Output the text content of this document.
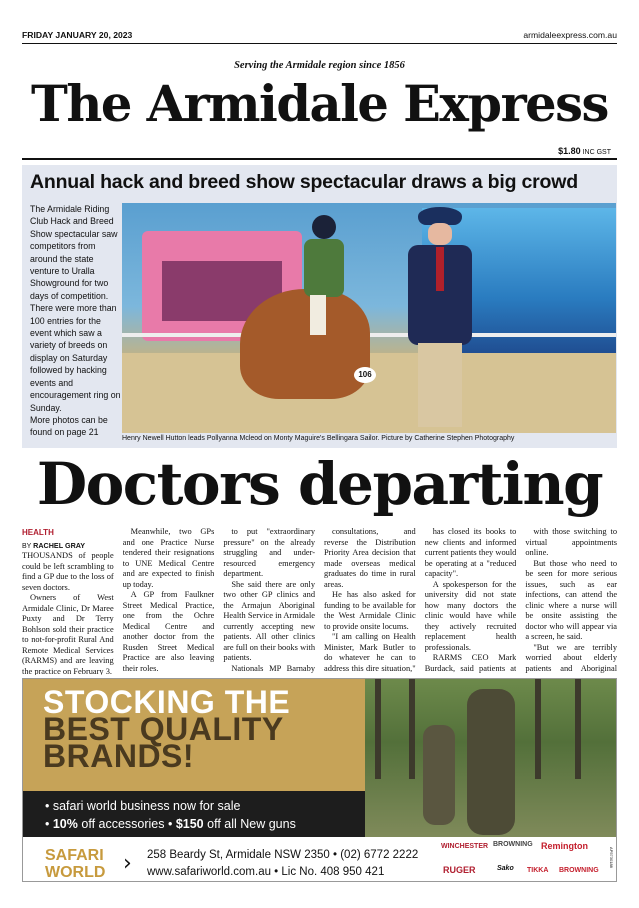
FRIDAY JANUARY 20, 2023	armidaleexpress.com.au
Serving the Armidale region since 1856
The Armidale Express
$1.80 INC GST
Annual hack and breed show spectacular draws a big crowd
The Armidale Riding Club Hack and Breed Show spectacular saw competitors from around the state venture to Uralla Showground for two days of competition. There were more than 100 entries for the event which saw a variety of breeds on display on Saturday followed by hacking events and encouragement ring on Sunday.
More photos can be found on page 21
106
Henry Newell Hutton leads Pollyanna Mcleod on Monty Maguire's Bellingara Sailor. Picture by Catherine Stephen Photography
Doctors departing

THOUSANDS of people could be left scrambling to find a GP due to the loss of seven doctors.

Owners of West Armidale Clinic, Dr Maree Puxty and Dr Terry Bohlson sold their practice to not-for-profit Rural And Remote Medical Services (RARMS) and are leaving the practice on February 3.

Meanwhile, two GPs and one Practice Nurse tendered their resignations to UNE Medical Centre and are expected to finish up today.

A GP from Faulkner Street Medical Practice, one from the Ochre Medical Centre and another doctor from the Rusden Street Medical Practice are also leaving their roles.

to put "extraordinary pressure" on the already struggling and under-resourced emergency department.

She said there are only two other GP clinics and the Armajun Aboriginal Health Service in Armidale currently accepting new patients. All other clinics are full on their books with patients.

Nationals MP Barnaby

consultations, and reverse the Distribution Priority Area decision that made overseas medical graduates do time in rural areas.

He has also asked for funding to be available for the West Armidale Clinic to provide onsite locums.

"I am calling on Health Minister, Mark Butler to do whatever he can to address this dire situation,"

has closed its books to new clients and informed current patients they would be operating at a "reduced capacity".

A spokesperson for the university did not state how many doctors the clinic would have while they actively recruited replacement health professionals.

RARMS CEO Mark Burdack, said patients at

with those switching to virtual appointments online.

But those who need to be seen for more serious issues, such as ear infections, can attend the clinic where a nurse will be onsite assisting the doctor who will appear via a screen, he said.

"But we are terribly worried about elderly patients and Aboriginal

HEALTH
BY RACHEL GRAY
STOCKING THE
BEST QUALITY
BRANDS!
• safari world business now for sale
• 10% off accessories • $150 off all New guns
SAFARI
WORLD › 258 Beardy St, Armidale NSW 2350 • (02) 6772 2222
www.safariworld.com.au • Lic No. 408 950 421
WINCHESTER BROWNING Remington
RUGER	Sako TIKKA BROWNING
AP5730188
